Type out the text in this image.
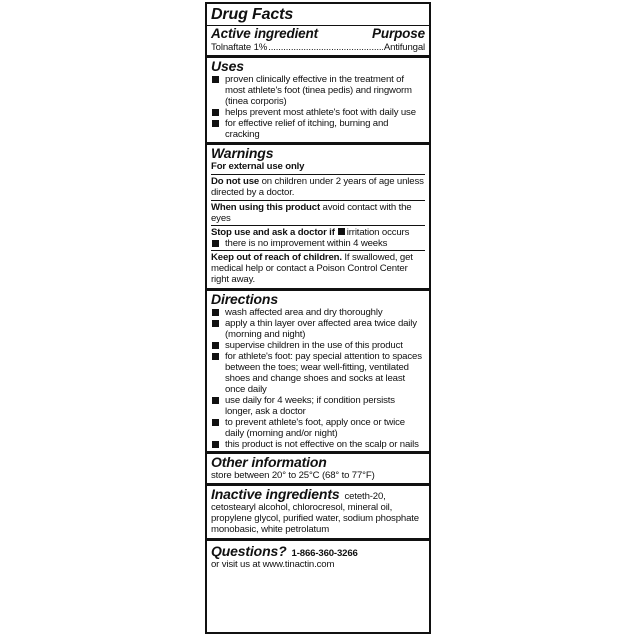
Drug Facts
Active ingredient	Purpose
Tolnaftate 1%
.....	Antifungal
Uses
proven clinically effective in the treatment of most athlete's foot (tinea pedis) and ringworm (tinea corporis)
helps prevent most athlete's foot with daily use
for effective relief of itching, burning and cracking
Warnings
For external use only
Do not use on children under 2 years of age unless directed by a doctor.
When using this product avoid contact with the eyes
Stop use and ask a doctor if irritation occurs
there is no improvement within 4 weeks
Keep out of reach of children. If swallowed, get medical help or contact a Poison Control Center right away.
Directions
wash affected area and dry thoroughly
apply a thin layer over affected area twice daily (morning and night)
supervise children in the use of this product
for athlete's foot: pay special attention to spaces between the toes; wear well-fitting, ventilated shoes and change shoes and socks at least once daily
use daily for 4 weeks; if condition persists longer, ask a doctor
to prevent athlete's foot, apply once or twice daily (morning and/or night)
this product is not effective on the scalp or nails
Other information
store between 20° to 25°C (68° to 77°F)
Inactive ingredients ceteth-20, cetostearyl alcohol, chlorocresol, mineral oil, propylene glycol, purified water, sodium phosphate monobasic, white petrolatum
Questions? 1-866-360-3266
or visit us at www.tinactin.com
